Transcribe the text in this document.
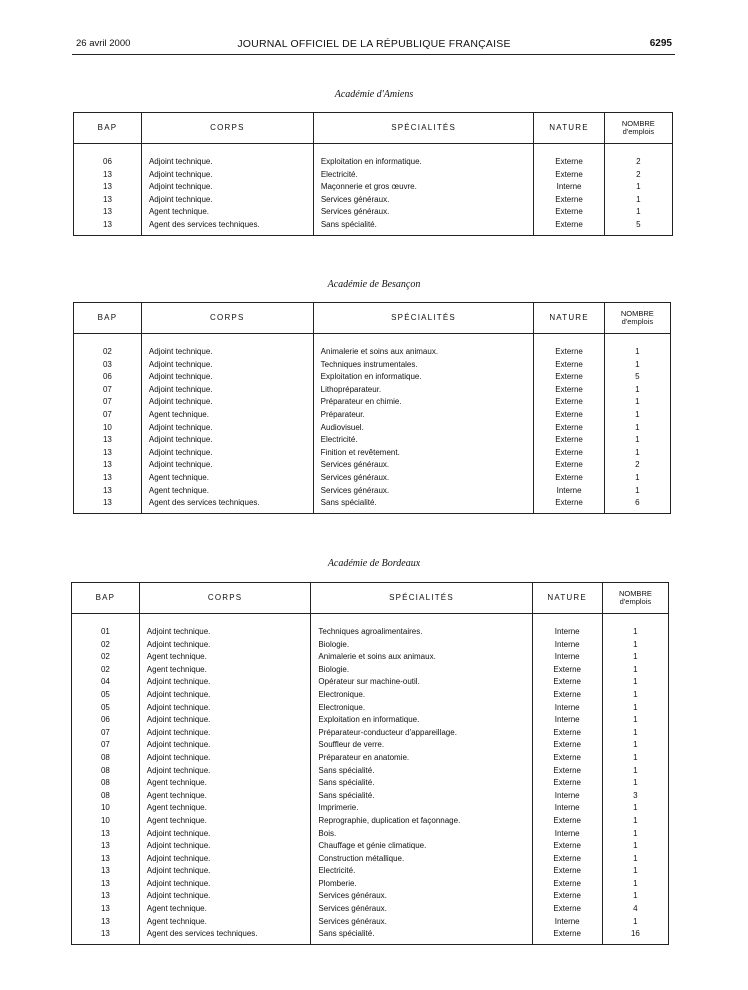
26 avril 2000	JOURNAL OFFICIEL DE LA RÉPUBLIQUE FRANÇAISE	6295
Académie d'Amiens
BAP	CORPS	SPÉCIALITÉS	NATURE	NOMBRE
d'emplois

06	Adjoint technique.	Exploitation en informatique.	Externe	2
13	Adjoint technique.	Electricité.	Externe	2
13	Adjoint technique.	Maçonnerie et gros œuvre.	Interne	1
13	Adjoint technique.	Services généraux.	Externe	1
13	Agent technique.	Services généraux.	Externe	1
13	Agent des services techniques.	Sans spécialité.	Externe	5
Académie de Besançon
BAP	CORPS	SPÉCIALITÉS	NATURE	NOMBRE
d'emplois

02	Adjoint technique.	Animalerie et soins aux animaux.	Externe	1
03	Adjoint technique.	Techniques instrumentales.	Externe	1
06	Adjoint technique.	Exploitation en informatique.	Externe	5
07	Adjoint technique.	Lithopréparateur.	Externe	1
07	Adjoint technique.	Préparateur en chimie.	Externe	1
07	Agent technique.	Préparateur.	Externe	1
10	Adjoint technique.	Audiovisuel.	Externe	1
13	Adjoint technique.	Electricité.	Externe	1
13	Adjoint technique.	Finition et revêtement.	Externe	1
13	Adjoint technique.	Services généraux.	Externe	2
13	Agent technique.	Services généraux.	Externe	1
13	Agent technique.	Services généraux.	Interne	1
13	Agent des services techniques.	Sans spécialité.	Externe	6
Académie de Bordeaux
BAP	CORPS	SPÉCIALITÉS	NATURE	NOMBRE
d'emplois

01	Adjoint technique.	Techniques agroalimentaires.	Interne	1
02	Adjoint technique.	Biologie.	Interne	1
02	Agent technique.	Animalerie et soins aux animaux.	Interne	1
02	Agent technique.	Biologie.	Externe	1
04	Adjoint technique.	Opérateur sur machine-outil.	Externe	1
05	Adjoint technique.	Electronique.	Externe	1
05	Adjoint technique.	Electronique.	Interne	1
06	Adjoint technique.	Exploitation en informatique.	Interne	1
07	Adjoint technique.	Préparateur-conducteur d'appareillage.	Externe	1
07	Adjoint technique.	Souffleur de verre.	Externe	1
08	Adjoint technique.	Préparateur en anatomie.	Externe	1
08	Adjoint technique.	Sans spécialité.	Externe	1
08	Agent technique.	Sans spécialité.	Externe	1
08	Agent technique.	Sans spécialité.	Interne	3
10	Agent technique.	Imprimerie.	Interne	1
10	Agent technique.	Reprographie, duplication et façonnage.	Externe	1
13	Adjoint technique.	Bois.	Interne	1
13	Adjoint technique.	Chauffage et génie climatique.	Externe	1
13	Adjoint technique.	Construction métallique.	Externe	1
13	Adjoint technique.	Electricité.	Externe	1
13	Adjoint technique.	Plomberie.	Externe	1
13	Adjoint technique.	Services généraux.	Externe	1
13	Agent technique.	Services généraux.	Externe	4
13	Agent technique.	Services généraux.	Interne	1
13	Agent des services techniques.	Sans spécialité.	Externe	16
